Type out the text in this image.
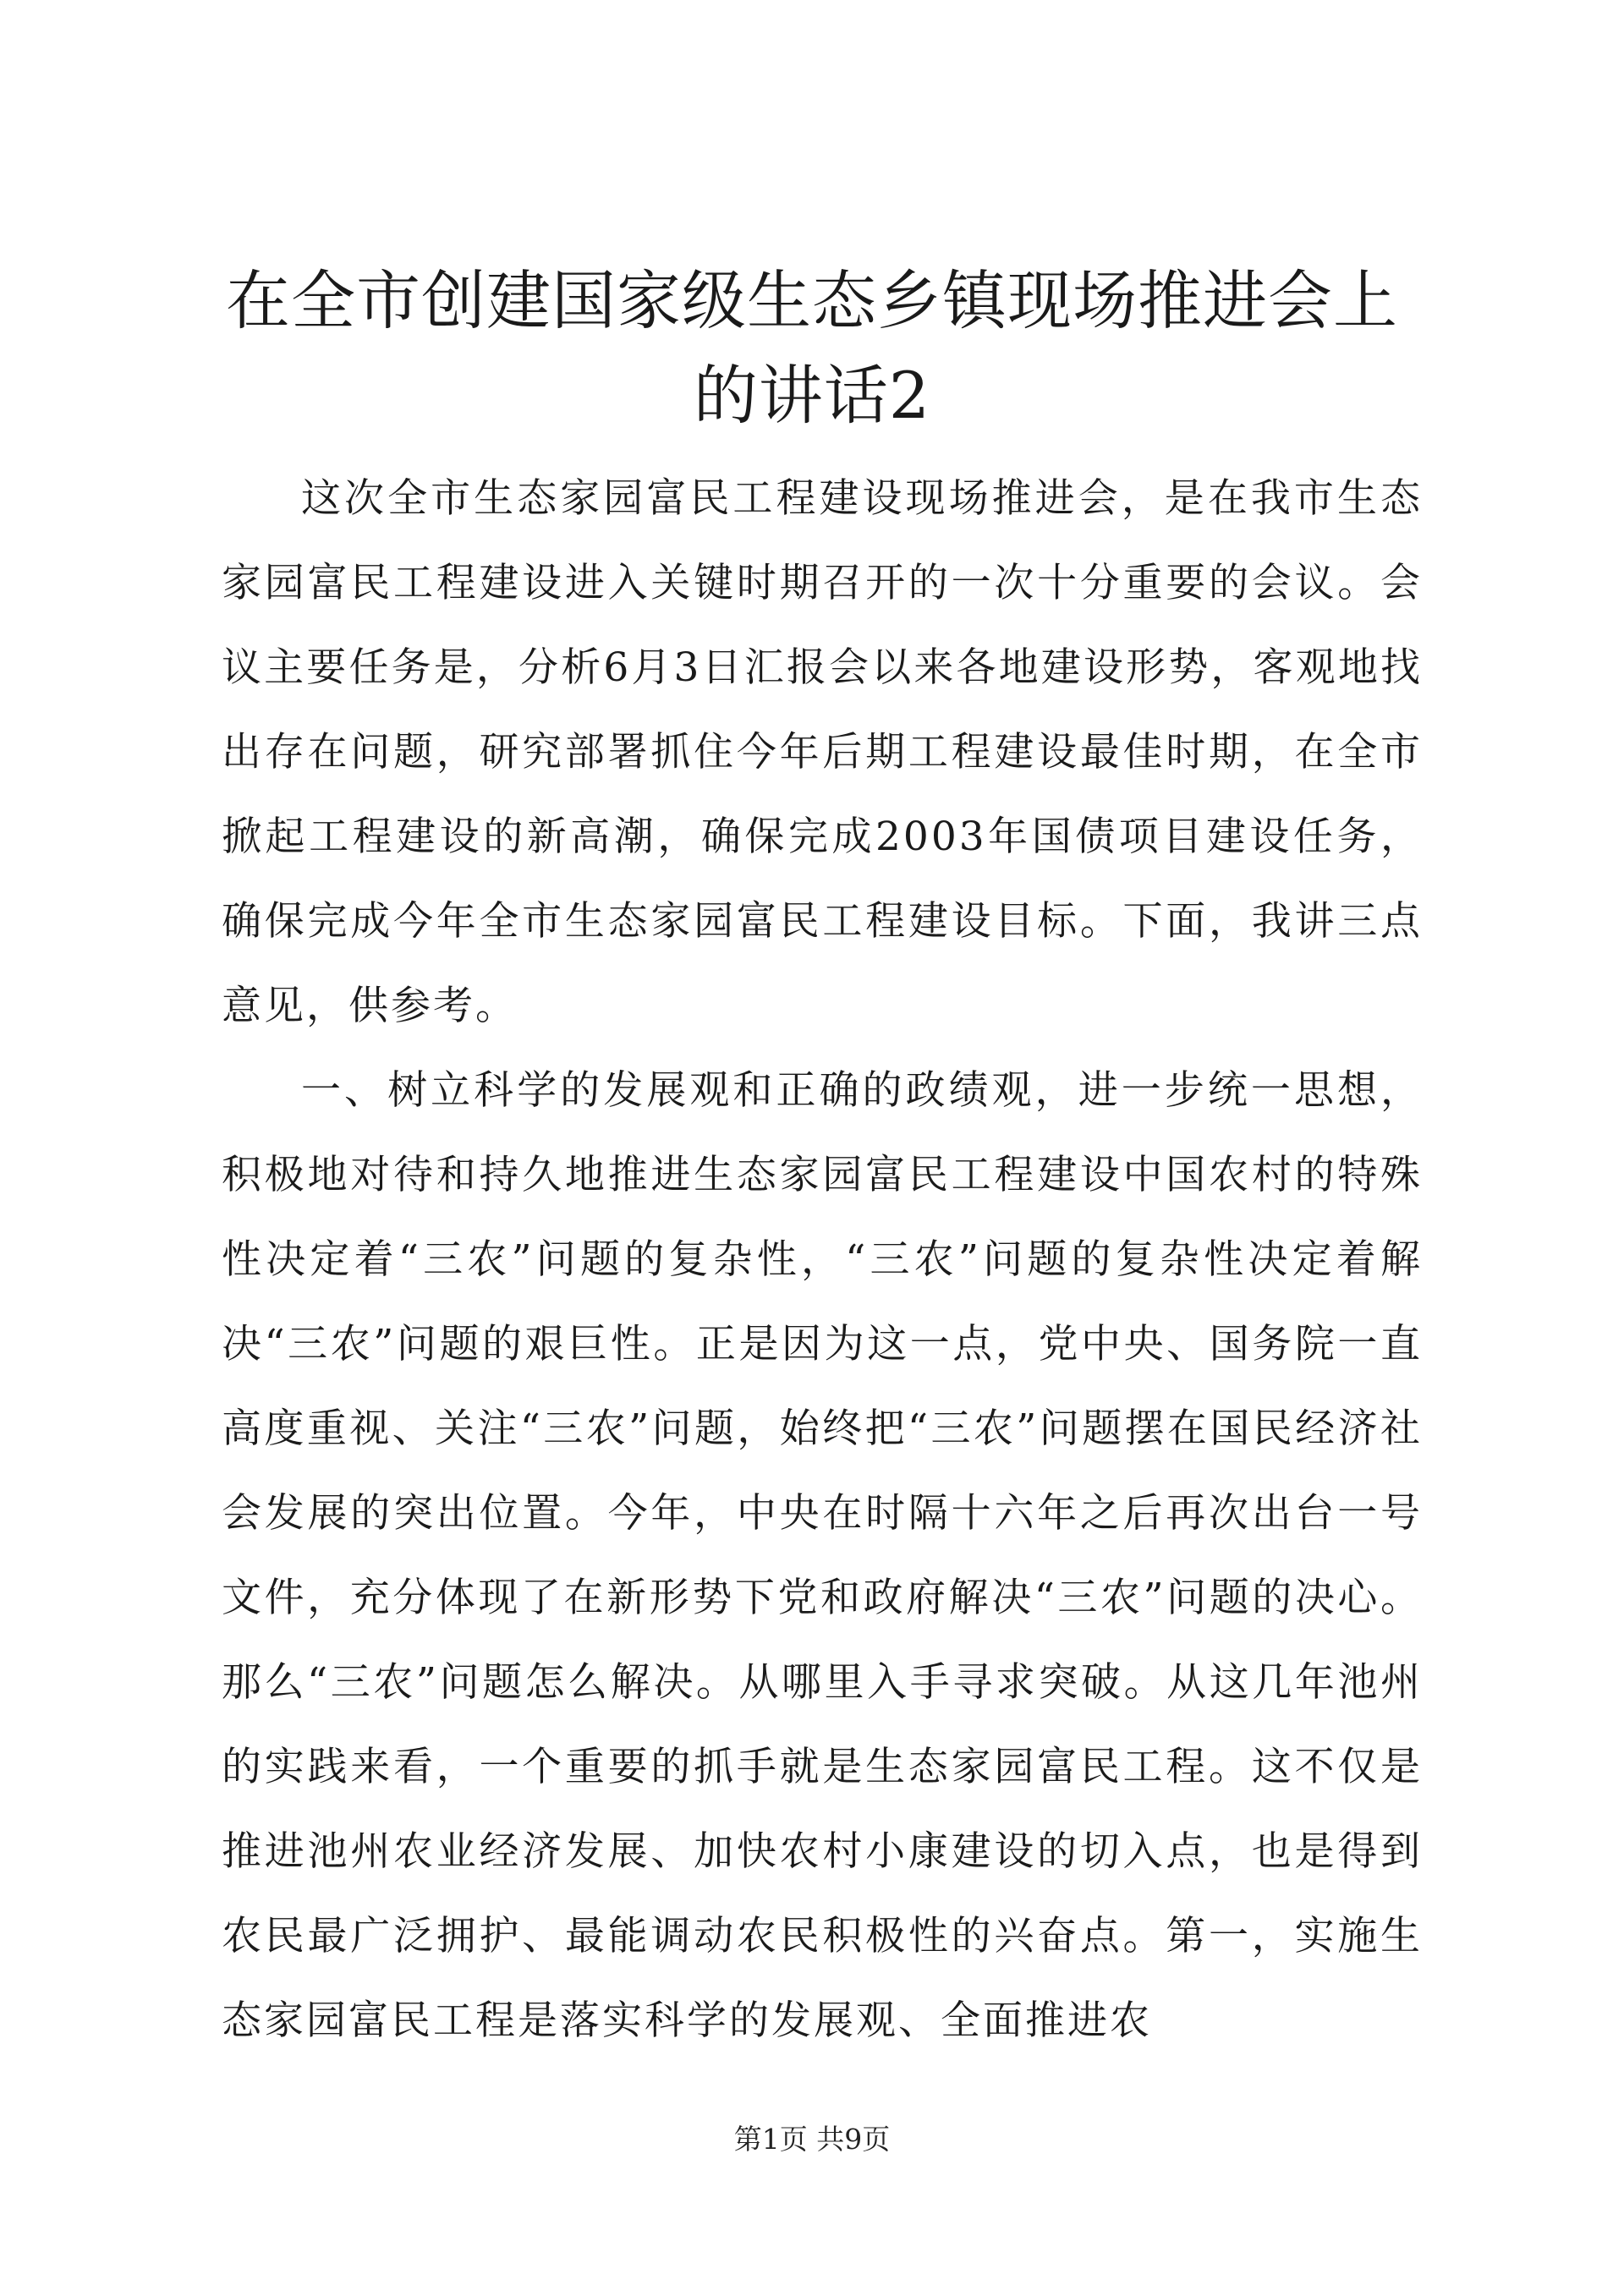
在全市创建国家级生态乡镇现场推进会上的讲话2

这次全市生态家园富民工程建设现场推进会，是在我市生态家园富民工程建设进入关键时期召开的一次十分重要的会议。会议主要任务是，分析6月3日汇报会以来各地建设形势，客观地找出存在问题，研究部署抓住今年后期工程建设最佳时期，在全市掀起工程建设的新高潮，确保完成2003年国债项目建设任务，确保完成今年全市生态家园富民工程建设目标。下面，我讲三点意见，供参考。

一、树立科学的发展观和正确的政绩观，进一步统一思想，积极地对待和持久地推进生态家园富民工程建设中国农村的特殊性决定着“三农”问题的复杂性，“三农”问题的复杂性决定着解决“三农”问题的艰巨性。正是因为这一点，党中央、国务院一直高度重视、关注“三农”问题，始终把“三农”问题摆在国民经济社会发展的突出位置。今年，中央在时隔十六年之后再次出台一号文件，充分体现了在新形势下党和政府解决“三农”问题的决心。那么“三农”问题怎么解决。从哪里入手寻求突破。从这几年池州的实践来看，一个重要的抓手就是生态家园富民工程。这不仅是推进池州农业经济发展、加快农村小康建设的切入点，也是得到农民最广泛拥护、最能调动农民积极性的兴奋点。第一，实施生态家园富民工程是落实科学的发展观、全面推进农

第1页 共9页
